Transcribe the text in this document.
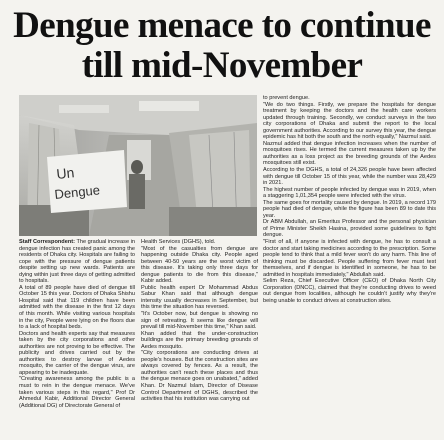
Dengue menace to continue
till mid-November
Un
Dengue

Staff Correspondent: The gradual increase in dengue infection has created panic among the residents of Dhaka city. Hospitals are failing to cope with the pressure of dengue patients despite setting up new wards. Patients are dying within just three days of getting admitted to hospitals.

A total of 89 people have died of dengue till October 15 this year. Doctors of Dhaka Shishu Hospital said that 119 children have been admitted with the disease in the first 12 days of this month. While visiting various hospitals in the city, People were lying on the floors due to a lack of hospital beds.

Doctors and health experts say that measures taken by the city corporations and other authorities are not proving to be effective. The publicity and drives carried out by the authorities to destroy larvae of Aedes mosquito, the carrier of the dengue virus, are appearing to be inadequate.

"Creating awareness among the public is a must to rein in the dengue menace. We've taken various steps in this regard," Prof Dr Ahmedul Kabir, Additional Director General (Additional DG) of Directorate General of

Health Services (DGHS), told.

"Most of the casualties from dengue are happening outside Dhaka city. People aged between 40-50 years are the worst victim of this disease. It's taking only three days for dengue patients to die from this disease," Kabir added.

Public health expert Dr Mohammad Abdus Sabur Khan said that although dengue intensity usually decreases in September, but this time the situation has reversed.

"It's October now, but dengue is showing no sign of retreating. It seems like dengue will prevail till mid-November this time," Khan said.

Khan added that the under-construction buildings are the primary breeding grounds of Aedes mosquito.

"City corporations are conducting drives at people's houses. But the construction sites are always covered by fences. As a result, the authorities can't reach these places and thus the dengue menace goes on unabated," added Khan. Dr Nazmul Islam, Director of Disease Control Department of DGHS, described the activities that his institution was carrying out

to prevent dengue.

"We do two things. Firstly, we prepare the hospitals for dengue treatment by keeping the doctors and the health care workers updated through training. Secondly, we conduct surveys in the two city corporations of Dhaka and submit the report to the local government authorities. According to our survey this year, the dengue epidemic has hit both the south and the north equally," Nazmul said.

Nazmul added that dengue infection increases when the number of mosquitoes rises. He termed the current measures taken up by the authorities as a loss project as the breeding grounds of the Aedes mosquitoes still exist.

According to the DGHS, a total of 24,326 people have been affected with dengue till October 15 of this year, while the number was 28,429 in 2021.

The highest number of people infected by dengue was in 2019, when a staggering 1,01,354 people were infected with the virus.

The same goes for mortality caused by dengue. In 2019, a record 179 people had died of dengue, while the figure has been 89 to date this year.

Dr ABM Abdullah, an Emeritus Professor and the personal physician of Prime Minister Sheikh Hasina, provided some guidelines to fight dengue.

"First of all, if anyone is infected with dengue, he has to consult a doctor and start taking medicines according to the prescription. Some people tend to think that a mild fever won't do any harm. This line of thinking must be discarded. People suffering from fever must test themselves, and if dengue is identified in someone, he has to be admitted in hospitals immediately," Abdullah said.

Selim Reza, Chief Executive Officer (CEO) of Dhaka North City Corporation (DNCC), claimed that they're conducting drives to weed out dengue from localities, although he couldn't justify why they're being unable to conduct drives at construction sites.
